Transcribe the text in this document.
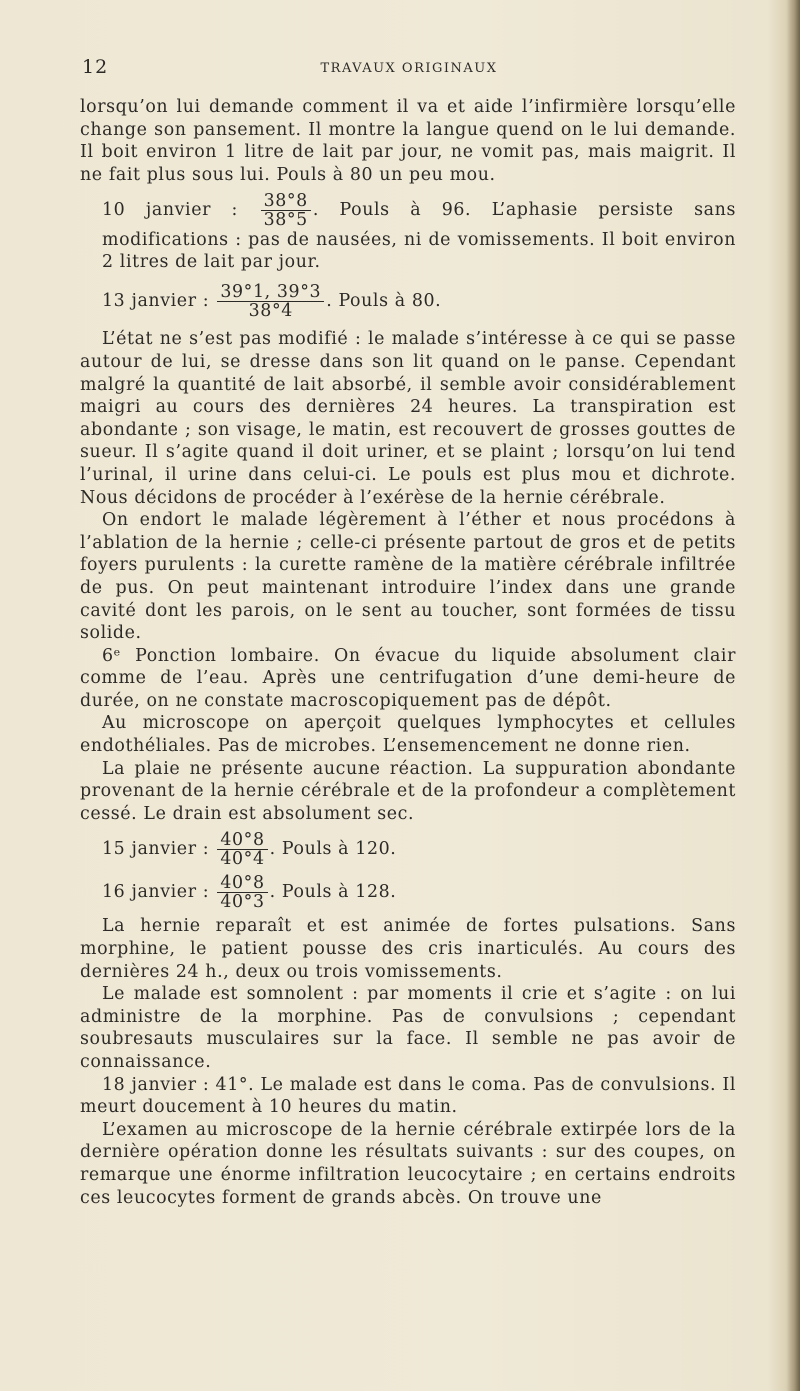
12	TRAVAUX ORIGINAUX

lorsqu’on lui demande comment il va et aide l’infirmière lorsqu’elle change son pansement. Il montre la langue quend on le lui demande. Il boit environ 1 litre de lait par jour, ne vomit pas, mais maigrit. Il ne fait plus sous lui. Pouls à 80 un peu mou.

10 janvier : $\frac{38^\circ 8}{38^\circ 5}$ . Pouls à 96. L’aphasie persiste sans modifications : pas de nausées, ni de vomissements. Il boit environ 2 litres de lait par jour.
13 janvier : $\frac{39^\circ 1, 39^\circ 3}{38^\circ 4}$ . Pouls à 80.

L’état ne s’est pas modifié : le malade s’intéresse à ce qui se passe autour de lui, se dresse dans son lit quand on le panse. Cependant malgré la quantité de lait absorbé, il semble avoir considérablement maigri au cours des dernières 24 heures. La transpiration est abondante ; son visage, le matin, est recouvert de grosses gouttes de sueur. Il s’agite quand il doit uriner, et se plaint ; lorsqu’on lui tend l’urinal, il urine dans celui-ci. Le pouls est plus mou et dichrote. Nous décidons de procéder à l’exérèse de la hernie cérébrale.

On endort le malade légèrement à l’éther et nous procédons à l’ablation de la hernie ; celle-ci présente partout de gros et de petits foyers purulents : la curette ramène de la matière cérébrale infiltrée de pus. On peut maintenant introduire l’index dans une grande cavité dont les parois, on le sent au toucher, sont formées de tissu solide.

6ᵉ Ponction lombaire. On évacue du liquide absolument clair comme de l’eau. Après une centrifugation d’une demi-heure de durée, on ne constate macroscopiquement pas de dépôt.

Au microscope on aperçoit quelques lymphocytes et cellules endothéliales. Pas de microbes. L’ensemencement ne donne rien.

La plaie ne présente aucune réaction. La suppuration abondante provenant de la hernie cérébrale et de la profondeur a complètement cessé. Le drain est absolument sec.

15 janvier : $\frac{40^\circ 8}{40^\circ 4}$ . Pouls à 120.
16 janvier : $\frac{40^\circ 8}{40^\circ 3}$ . Pouls à 128.

La hernie reparaît et est animée de fortes pulsations. Sans morphine, le patient pousse des cris inarticulés. Au cours des dernières 24 h., deux ou trois vomissements.

Le malade est somnolent : par moments il crie et s’agite : on lui administre de la morphine. Pas de convulsions ; cependant soubresauts musculaires sur la face. Il semble ne pas avoir de connaissance.

18 janvier : 41°. Le malade est dans le coma. Pas de convulsions. Il meurt doucement à 10 heures du matin.

L’examen au microscope de la hernie cérébrale extirpée lors de la dernière opération donne les résultats suivants : sur des coupes, on remarque une énorme infiltration leucocytaire ; en certains endroits ces leucocytes forment de grands abcès. On trouve une
